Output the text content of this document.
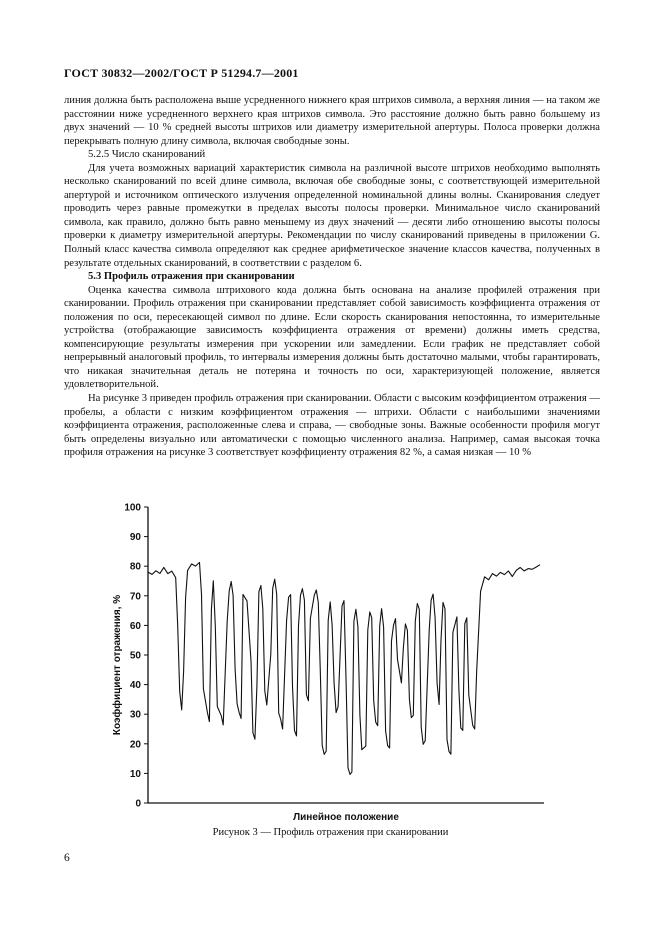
ГОСТ 30832—2002/ГОСТ Р 51294.7—2001

линия должна быть расположена выше усредненного нижнего края штрихов символа, а верхняя линия — на таком же расстоянии ниже усредненного верхнего края штрихов символа. Это расстояние должно быть равно большему из двух значений — 10 % средней высоты штрихов или диаметру измерительной апертуры. Полоса проверки должна перекрывать полную длину символа, включая свободные зоны.

5.2.5 Число сканирований

Для учета возможных вариаций характеристик символа на различной высоте штрихов необходимо выполнять несколько сканирований по всей длине символа, включая обе свободные зоны, с соответствующей измерительной апертурой и источником оптического излучения определенной номинальной длины волны. Сканирования следует проводить через равные промежутки в пределах высоты полосы проверки. Минимальное число сканирований символа, как правило, должно быть равно меньшему из двух значений — десяти либо отношению высоты полосы проверки к диаметру измерительной апертуры. Рекомендации по числу сканирований приведены в приложении G. Полный класс качества символа определяют как среднее арифметическое значение классов качества, полученных в результате отдельных сканирований, в соответствии с разделом 6.

5.3 Профиль отражения при сканировании

Оценка качества символа штрихового кода должна быть основана на анализе профилей отражения при сканировании. Профиль отражения при сканировании представляет собой зависимость коэффициента отражения от положения по оси, пересекающей символ по длине. Если скорость сканирования непостоянна, то измерительные устройства (отображающие зависимость коэффициента отражения от времени) должны иметь средства, компенсирующие результаты измерения при ускорении или замедлении. Если график не представляет собой непрерывный аналоговый профиль, то интервалы измерения должны быть достаточно малыми, чтобы гарантировать, что никакая значительная деталь не потеряна и точность по оси, характеризующей положение, является удовлетворительной.

На рисунке 3 приведен профиль отражения при сканировании. Области с высоким коэффициентом отражения — пробелы, а области с низким коэффициентом отражения — штрихи. Области с наибольшими значениями коэффициента отражения, расположенные слева и справа, — свободные зоны. Важные особенности профиля могут быть определены визуально или автоматически с помощью численного анализа. Например, самая высокая точка профиля отражения на рисунке 3 соответствует коэффициенту отражения 82 %, а самая низкая — 10 %

0
10
20
30
40
50
60
70
80
90
100
Линейное положение
Коэффициент отражения, %
Рисунок 3 — Профиль отражения при сканировании
6
